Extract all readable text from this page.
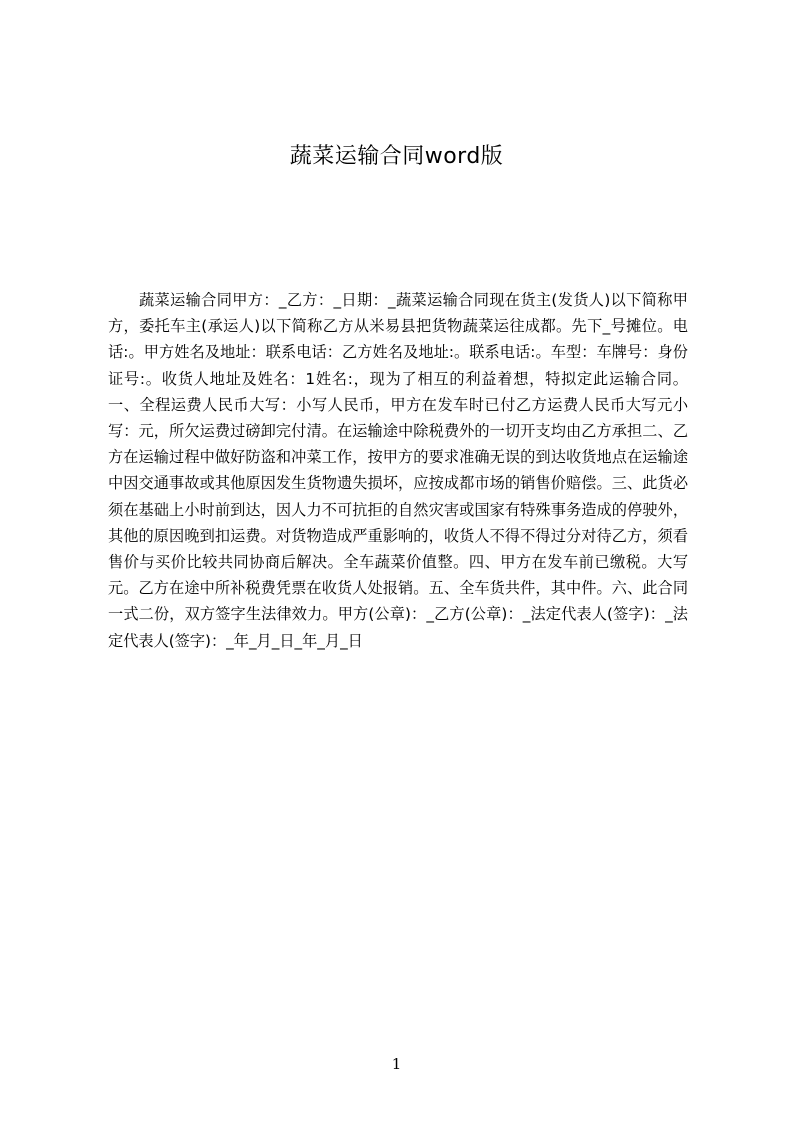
蔬菜运输合同word版

蔬菜运输合同甲方：_乙方：_日期：_蔬菜运输合同现在货主(发货人)以下简称甲方，委托车主(承运人)以下简称乙方从米易县把货物蔬菜运往成都。先下_号摊位。电话:。甲方姓名及地址：联系电话：乙方姓名及地址:。联系电话:。车型：车牌号：身份证号:。收货人地址及姓名：1姓名:，现为了相互的利益着想，特拟定此运输合同。一、全程运费人民币大写：小写人民币，甲方在发车时已付乙方运费人民币大写元小写：元，所欠运费过磅卸完付清。在运输途中除税费外的一切开支均由乙方承担二、乙方在运输过程中做好防盗和冲菜工作，按甲方的要求准确无误的到达收货地点在运输途中因交通事故或其他原因发生货物遗失损坏，应按成都市场的销售价赔偿。三、此货必须在基础上小时前到达，因人力不可抗拒的自然灾害或国家有特殊事务造成的停驶外，其他的原因晚到扣运费。对货物造成严重影响的，收货人不得不得过分对待乙方，须看售价与买价比较共同协商后解决。全车蔬菜价值整。四、甲方在发车前已缴税。大写元。乙方在途中所补税费凭票在收货人处报销。五、全车货共件，其中件。六、此合同一式二份，双方签字生法律效力。甲方(公章)：_乙方(公章)：_法定代表人(签字)：_法定代表人(签字)：_年_月_日_年_月_日

1
